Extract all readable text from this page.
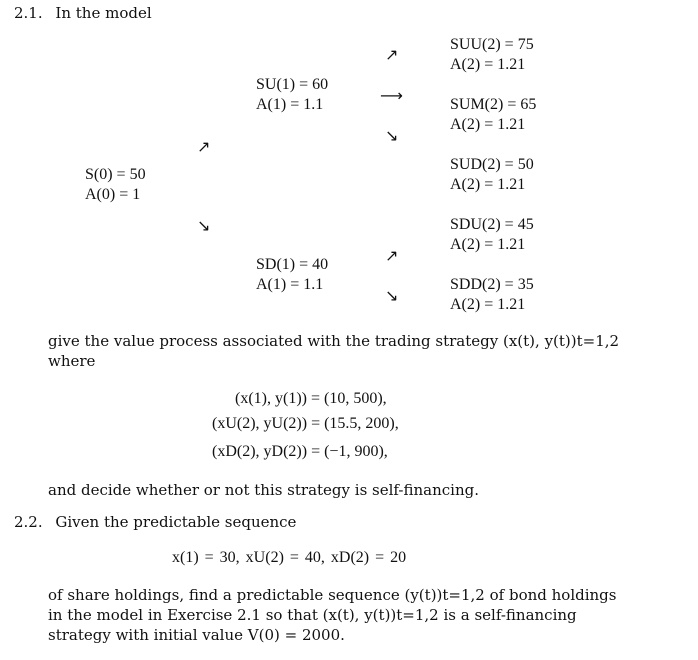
2.1. In the model
S(0) = 50
A(0) = 1
↗
↘
SU(1) = 60
A(1) = 1.1
SD(1) = 40
A(1) = 1.1
↗
⟶
↘
↗
↘
SUU(2) = 75
A(2) = 1.21
SUM(2) = 65
A(2) = 1.21
SUD(2) = 50
A(2) = 1.21
SDU(2) = 45
A(2) = 1.21
SDD(2) = 35
A(2) = 1.21
give the value process associated with the trading strategy (x(t), y(t))t=1,2
where
(x(1), y(1)) = (10, 500),
(xU(2), yU(2)) = (15.5, 200),
(xD(2), yD(2)) = (−1, 900),
and decide whether or not this strategy is self-financing.
2.2. Given the predictable sequence
x(1) = 30, xU(2) = 40, xD(2) = 20
of share holdings, find a predictable sequence (y(t))t=1,2 of bond holdings
in the model in Exercise 2.1 so that (x(t), y(t))t=1,2 is a self-financing
strategy with initial value V(0) = 2000.
